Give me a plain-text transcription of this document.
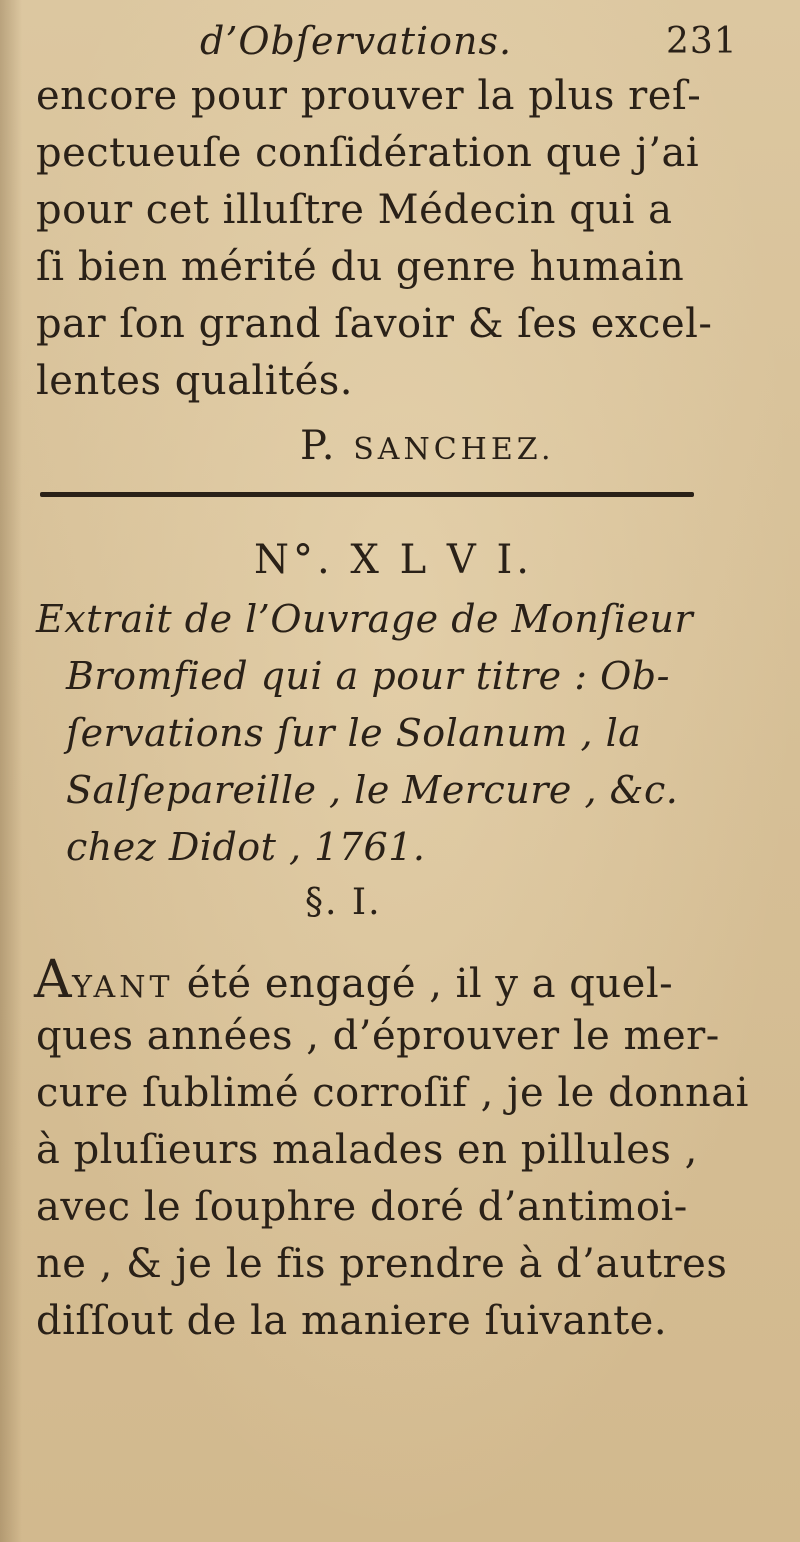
d’Obſervations.	231
encore pour prouver la plus reſ-
pectueuſe conſidération que j’ai
pour cet illuſtre Médecin qui a
ſi bien mérité du genre humain
par ſon grand ſavoir & ſes excel-
lentes qualités.
P. SANCHEZ.
N°. X L V I.
Extrait de l’Ouvrage de Monſieur
Bromfied qui a pour titre : Ob-
ſervations ſur le Solanum , la
Salſepareille , le Mercure , &c.
chez Didot , 1761.
§. I.
AYANT été engagé , il y a quel-
ques années , d’éprouver le mer-
cure ſublimé corroſif , je le donnai
à pluſieurs malades en pillules ,
avec le ſouphre doré d’antimoi-
ne , & je le fis prendre à d’autres
diſſout de la maniere ſuivante.
